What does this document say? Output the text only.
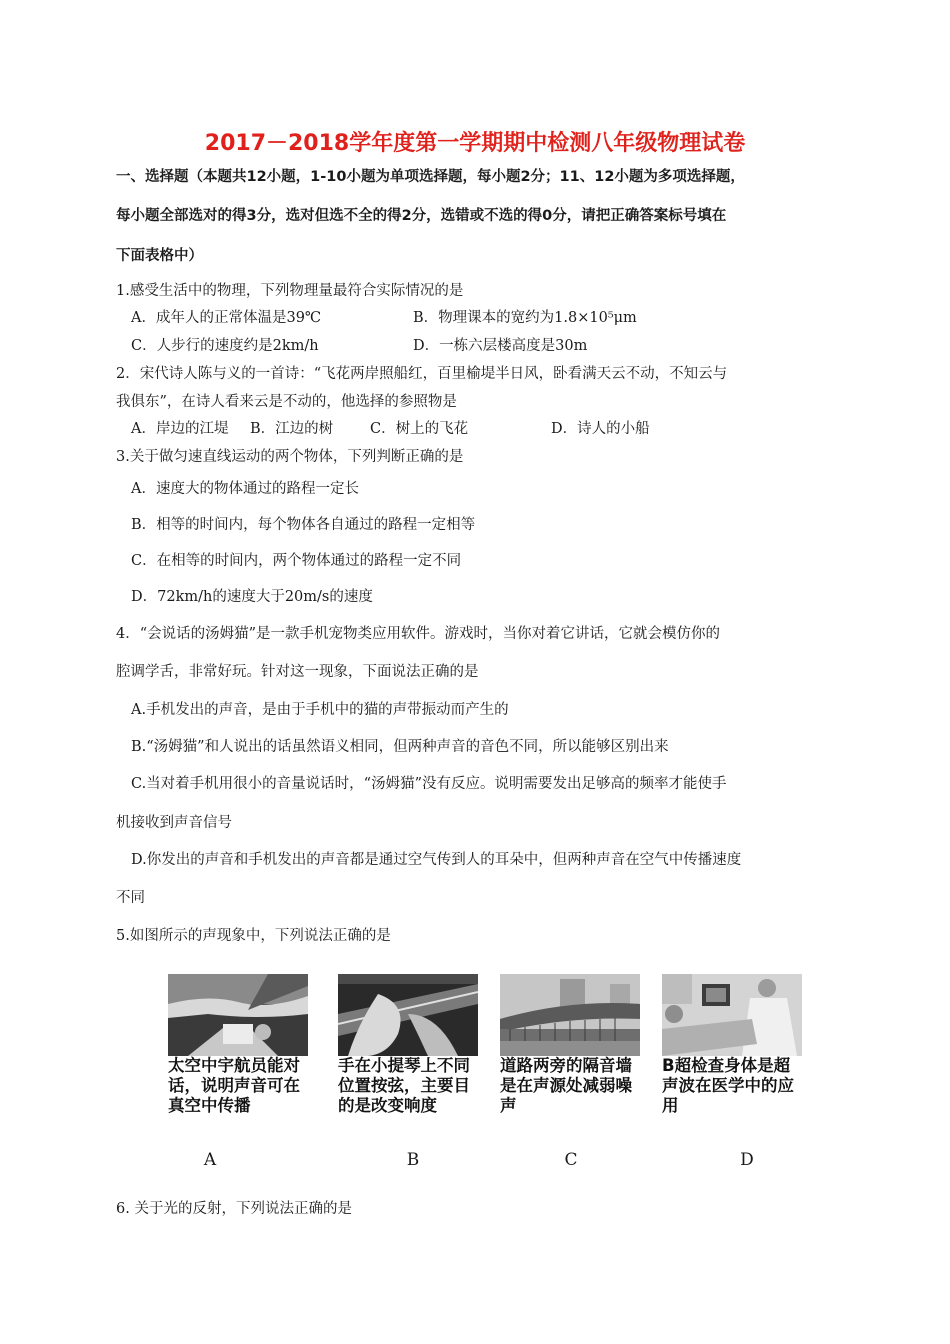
2017－2018学年度第一学期期中检测八年级物理试卷
一、选择题（本题共12小题，1-10小题为单项选择题，每小题2分；11、12小题为多项选择题，
每小题全部选对的得3分，选对但选不全的得2分，选错或不选的得0分，请把正确答案标号填在
下面表格中）
1.感受生活中的物理，下列物理量最符合实际情况的是
A．成年人的正常体温是39℃	B．物理课本的宽约为1.8×10⁵μm
C．人步行的速度约是2km/h	D．一栋六层楼高度是30m
2．宋代诗人陈与义的一首诗：“飞花两岸照船红，百里榆堤半日风，卧看满天云不动，不知云与
我俱东”，在诗人看来云是不动的，他选择的参照物是
A．岸边的江堤 B．江边的树	C．树上的飞花	D．诗人的小船
3.关于做匀速直线运动的两个物体，下列判断正确的是
A．速度大的物体通过的路程一定长
B．相等的时间内，每个物体各自通过的路程一定相等
C．在相等的时间内，两个物体通过的路程一定不同
D．72km/h的速度大于20m/s的速度
4．“会说话的汤姆猫”是一款手机宠物类应用软件。游戏时，当你对着它讲话，它就会模仿你的
腔调学舌，非常好玩。针对这一现象，下面说法正确的是
A.手机发出的声音，是由于手机中的猫的声带振动而产生的
B.“汤姆猫”和人说出的话虽然语义相同，但两种声音的音色不同，所以能够区别出来
C.当对着手机用很小的音量说话时，“汤姆猫”没有反应。说明需要发出足够高的频率才能使手
机接收到声音信号
D.你发出的声音和手机发出的声音都是通过空气传到人的耳朵中，但两种声音在空气中传播速度
不同
5.如图所示的声现象中，下列说法正确的是
太空中宇航员能对话，说明声音可在真空中传播
手在小提琴上不同位置按弦，主要目的是改变响度
道路两旁的隔音墙是在声源处减弱噪声
B超检查身体是超声波在医学中的应用
A	B	C	D
6. 关于光的反射，下列说法正确的是
